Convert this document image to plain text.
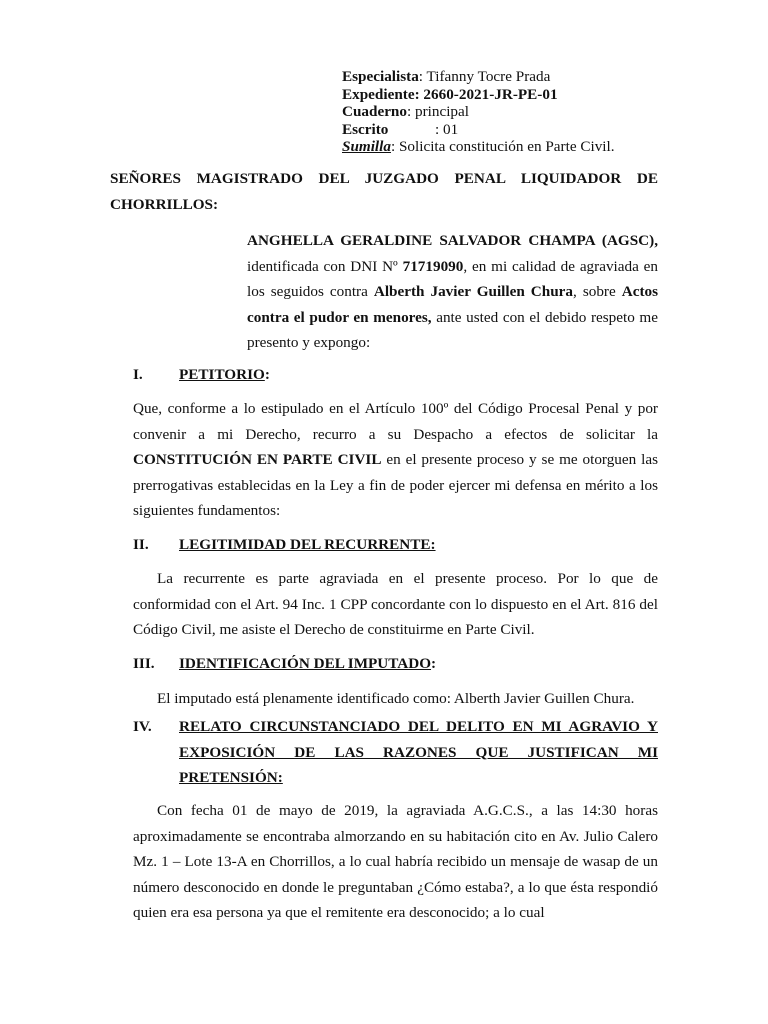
Especialista: Tifanny Tocre Prada
Expediente: 2660-2021-JR-PE-01
Cuaderno: principal
Escrito	: 01
Sumilla: Solicita constitución en Parte Civil.
SEÑORES MAGISTRADO DEL JUZGADO PENAL LIQUIDADOR DE
CHORRILLOS:
ANGHELLA GERALDINE SALVADOR CHAMPA (AGSC), identificada con DNI Nº 71719090, en mi calidad de agraviada en los seguidos contra Alberth Javier Guillen Chura, sobre Actos contra el pudor en menores, ante usted con el debido respeto me presento y expongo:
I. PETITORIO:
Que, conforme a lo estipulado en el Artículo 100º del Código Procesal Penal y por convenir a mi Derecho, recurro a su Despacho a efectos de solicitar la CONSTITUCIÓN EN PARTE CIVIL en el presente proceso y se me otorguen las prerrogativas establecidas en la Ley a fin de poder ejercer mi defensa en mérito a los siguientes fundamentos:
II. LEGITIMIDAD DEL RECURRENTE:
La recurrente es parte agraviada en el presente proceso. Por lo que de conformidad con el Art. 94 Inc. 1 CPP concordante con lo dispuesto en el Art. 816 del Código Civil, me asiste el Derecho de constituirme en Parte Civil.
III. IDENTIFICACIÓN DEL IMPUTADO:
El imputado está plenamente identificado como: Alberth Javier Guillen Chura.
IV. RELATO CIRCUNSTANCIADO DEL DELITO EN MI AGRAVIO Y EXPOSICIÓN DE LAS RAZONES QUE JUSTIFICAN MI PRETENSIÓN:
Con fecha 01 de mayo de 2019, la agraviada A.G.C.S., a las 14:30 horas aproximadamente se encontraba almorzando en su habitación cito en Av. Julio Calero Mz. 1 – Lote 13-A en Chorrillos, a lo cual habría recibido un mensaje de wasap de un número desconocido en donde le preguntaban ¿Cómo estaba?, a lo que ésta respondió quien era esa persona ya que el remitente era desconocido; a lo cual
